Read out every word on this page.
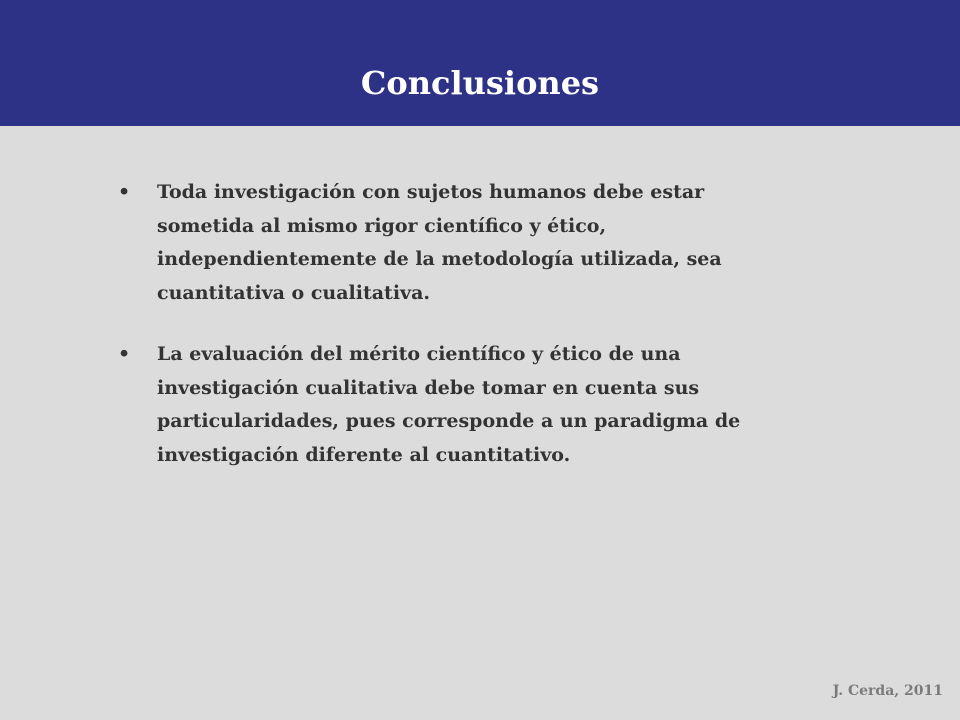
Conclusiones
•	Toda investigación con sujetos humanos debe estar sometida al mismo rigor científico y ético, independientemente de la metodología utilizada, sea cuantitativa o cualitativa.
•	La evaluación del mérito científico y ético de una investigación cualitativa debe tomar en cuenta sus particularidades, pues corresponde a un paradigma de investigación diferente al cuantitativo.
J. Cerda, 2011
